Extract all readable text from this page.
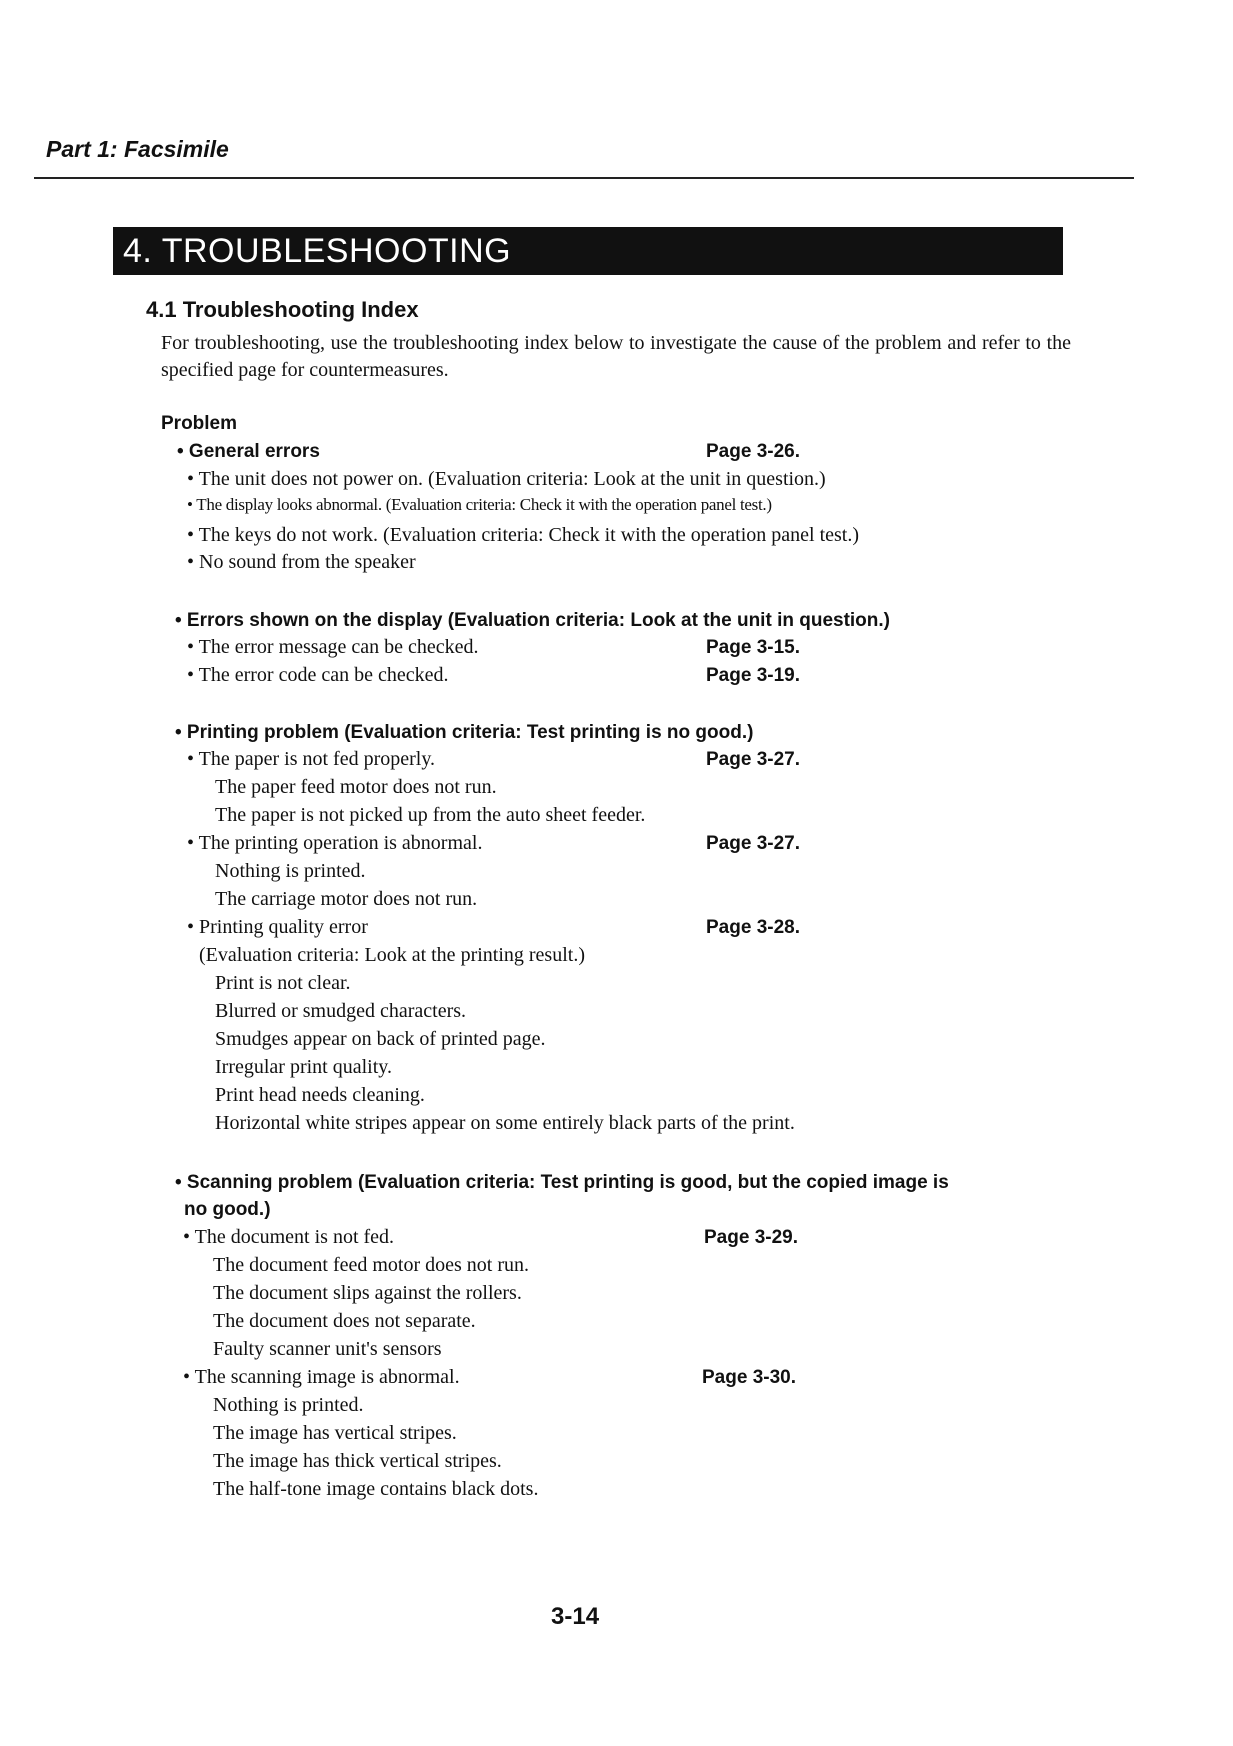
Part 1: Facsimile
4. TROUBLESHOOTING
4.1 Troubleshooting Index
For troubleshooting, use the troubleshooting index below to investigate the cause of the problem and refer to the specified page for countermeasures.
Problem
• General errors	Page 3-26.
• The unit does not power on. (Evaluation criteria: Look at the unit in question.)
• The display looks abnormal. (Evaluation criteria: Check it with the operation panel test.)
• The keys do not work. (Evaluation criteria: Check it with the operation panel test.)
• No sound from the speaker
• Errors shown on the display (Evaluation criteria: Look at the unit in question.)
• The error message can be checked.	Page 3-15.
• The error code can be checked.	Page 3-19.
• Printing problem (Evaluation criteria: Test printing is no good.)
• The paper is not fed properly.	Page 3-27.
The paper feed motor does not run.
The paper is not picked up from the auto sheet feeder.
• The printing operation is abnormal.	Page 3-27.
Nothing is printed.
The carriage motor does not run.
• Printing quality error	Page 3-28.
(Evaluation criteria: Look at the printing result.)
Print is not clear.
Blurred or smudged characters.
Smudges appear on back of printed page.
Irregular print quality.
Print head needs cleaning.
Horizontal white stripes appear on some entirely black parts of the print.
• Scanning problem (Evaluation criteria: Test printing is good, but the copied image is
no good.)
• The document is not fed.	Page 3-29.
The document feed motor does not run.
The document slips against the rollers.
The document does not separate.
Faulty scanner unit's sensors
• The scanning image is abnormal.	Page 3-30.
Nothing is printed.
The image has vertical stripes.
The image has thick vertical stripes.
The half-tone image contains black dots.
3-14
